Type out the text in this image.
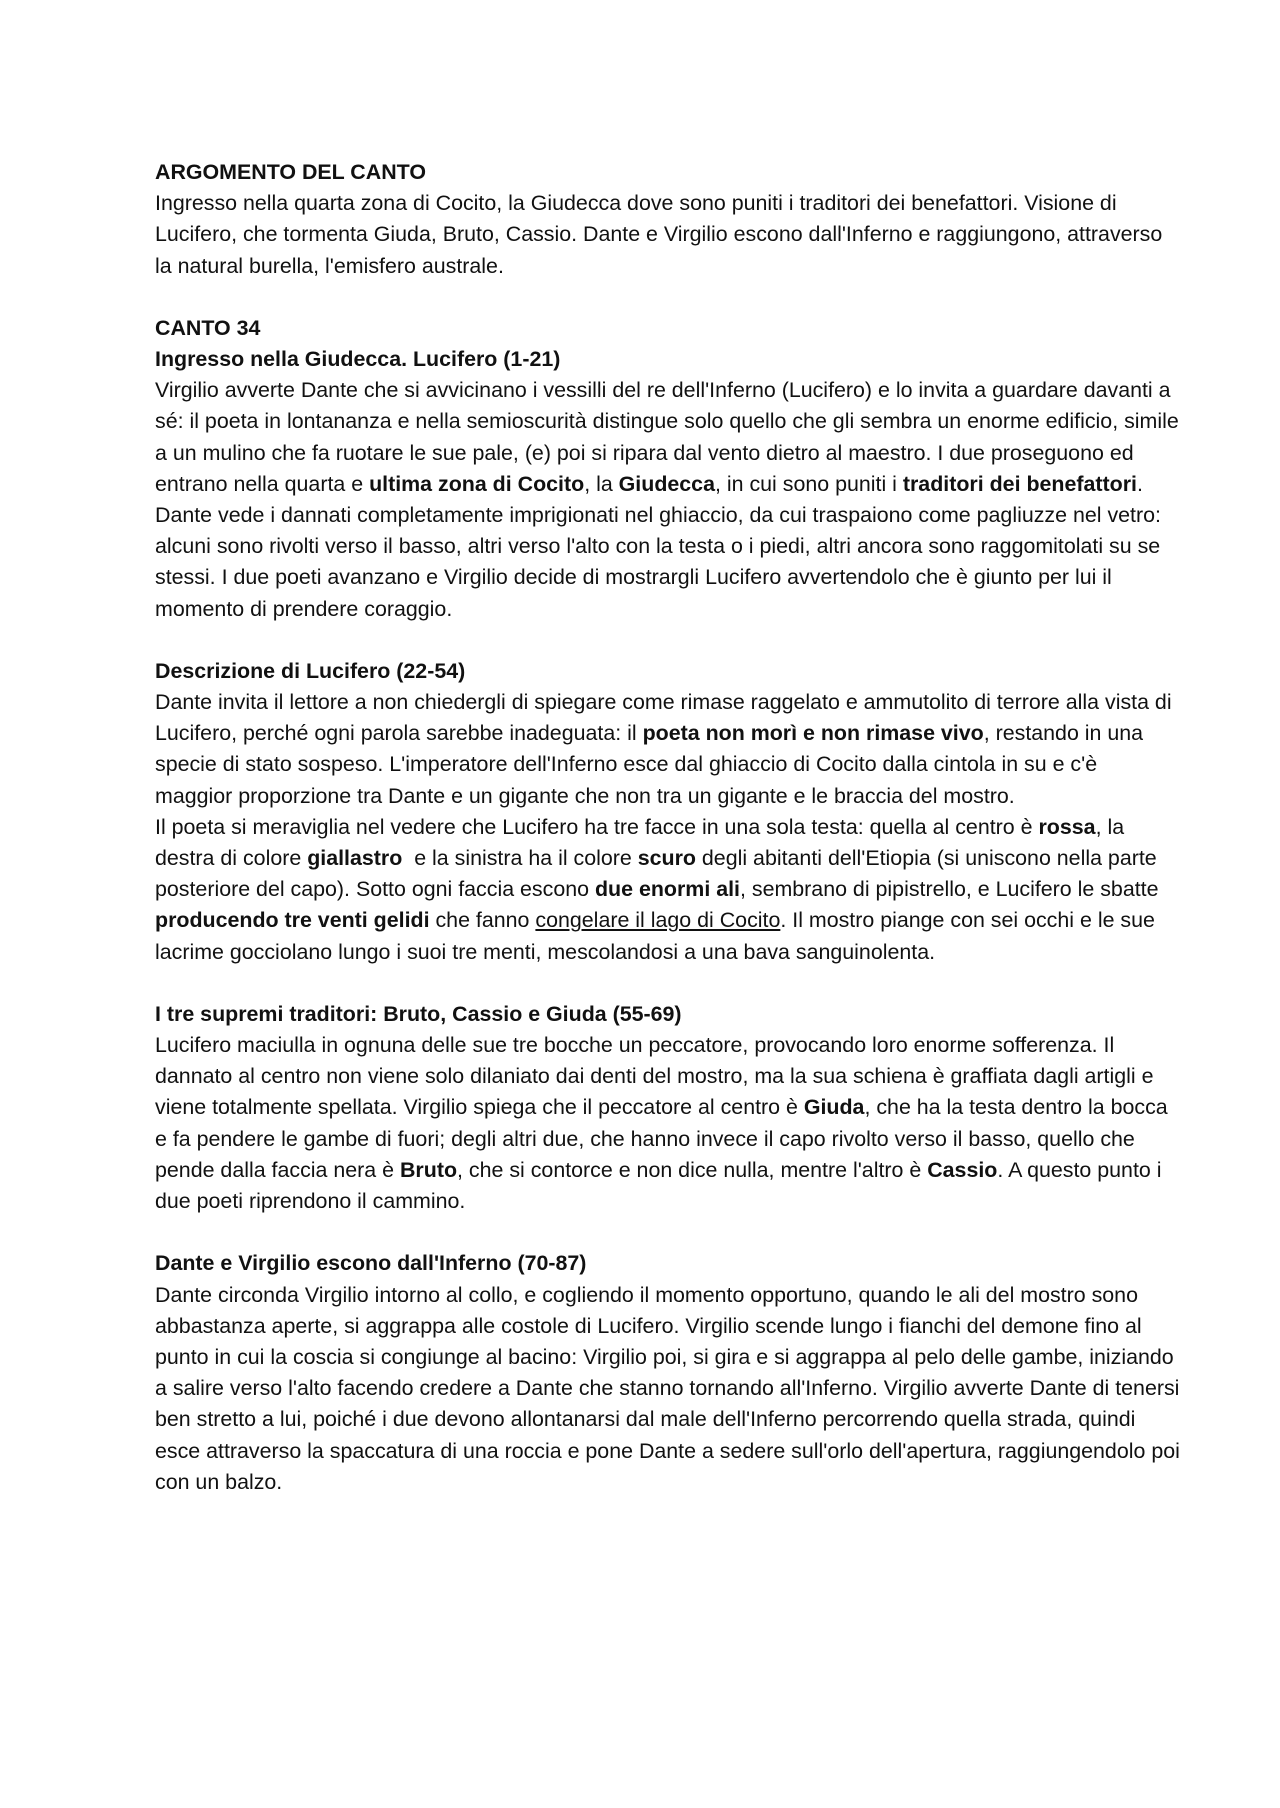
ARGOMENTO DEL CANTO

Ingresso nella quarta zona di Cocito, la Giudecca dove sono puniti i traditori dei benefattori. Visione di Lucifero, che tormenta Giuda, Bruto, Cassio. Dante e Virgilio escono dall'Inferno e raggiungono, attraverso la natural burella, l'emisfero australe.

CANTO 34

Ingresso nella Giudecca. Lucifero (1-21)

Virgilio avverte Dante che si avvicinano i vessilli del re dell'Inferno (Lucifero) e lo invita a guardare davanti a sé: il poeta in lontananza e nella semioscurità distingue solo quello che gli sembra un enorme edificio, simile a un mulino che fa ruotare le sue pale, (e) poi si ripara dal vento dietro al maestro. I due proseguono ed entrano nella quarta e ultima zona di Cocito, la Giudecca, in cui sono puniti i traditori dei benefattori. Dante vede i dannati completamente imprigionati nel ghiaccio, da cui traspaiono come pagliuzze nel vetro: alcuni sono rivolti verso il basso, altri verso l'alto con la testa o i piedi, altri ancora sono raggomitolati su se stessi. I due poeti avanzano e Virgilio decide di mostrargli Lucifero avvertendolo che è giunto per lui il momento di prendere coraggio.

Descrizione di Lucifero (22-54)

Dante invita il lettore a non chiedergli di spiegare come rimase raggelato e ammutolito di terrore alla vista di Lucifero, perché ogni parola sarebbe inadeguata: il poeta non morì e non rimase vivo, restando in una specie di stato sospeso. L'imperatore dell'Inferno esce dal ghiaccio di Cocito dalla cintola in su e c'è maggior proporzione tra Dante e un gigante che non tra un gigante e le braccia del mostro.

Il poeta si meraviglia nel vedere che Lucifero ha tre facce in una sola testa: quella al centro è rossa, la destra di colore giallastro  e la sinistra ha il colore scuro degli abitanti dell'Etiopia (si uniscono nella parte posteriore del capo). Sotto ogni faccia escono due enormi ali, sembrano di pipistrello, e Lucifero le sbatte producendo tre venti gelidi che fanno congelare il lago di Cocito. Il mostro piange con sei occhi e le sue lacrime gocciolano lungo i suoi tre menti, mescolandosi a una bava sanguinolenta.

I tre supremi traditori: Bruto, Cassio e Giuda (55-69)

Lucifero maciulla in ognuna delle sue tre bocche un peccatore, provocando loro enorme sofferenza. Il dannato al centro non viene solo dilaniato dai denti del mostro, ma la sua schiena è graffiata dagli artigli e viene totalmente spellata. Virgilio spiega che il peccatore al centro è Giuda, che ha la testa dentro la bocca e fa pendere le gambe di fuori; degli altri due, che hanno invece il capo rivolto verso il basso, quello che pende dalla faccia nera è Bruto, che si contorce e non dice nulla, mentre l'altro è Cassio. A questo punto i due poeti riprendono il cammino.

Dante e Virgilio escono dall'Inferno (70-87)

Dante circonda Virgilio intorno al collo, e cogliendo il momento opportuno, quando le ali del mostro sono abbastanza aperte, si aggrappa alle costole di Lucifero. Virgilio scende lungo i fianchi del demone fino al punto in cui la coscia si congiunge al bacino: Virgilio poi, si gira e si aggrappa al pelo delle gambe, iniziando a salire verso l'alto facendo credere a Dante che stanno tornando all'Inferno. Virgilio avverte Dante di tenersi ben stretto a lui, poiché i due devono allontanarsi dal male dell'Inferno percorrendo quella strada, quindi esce attraverso la spaccatura di una roccia e pone Dante a sedere sull'orlo dell'apertura, raggiungendolo poi con un balzo.
